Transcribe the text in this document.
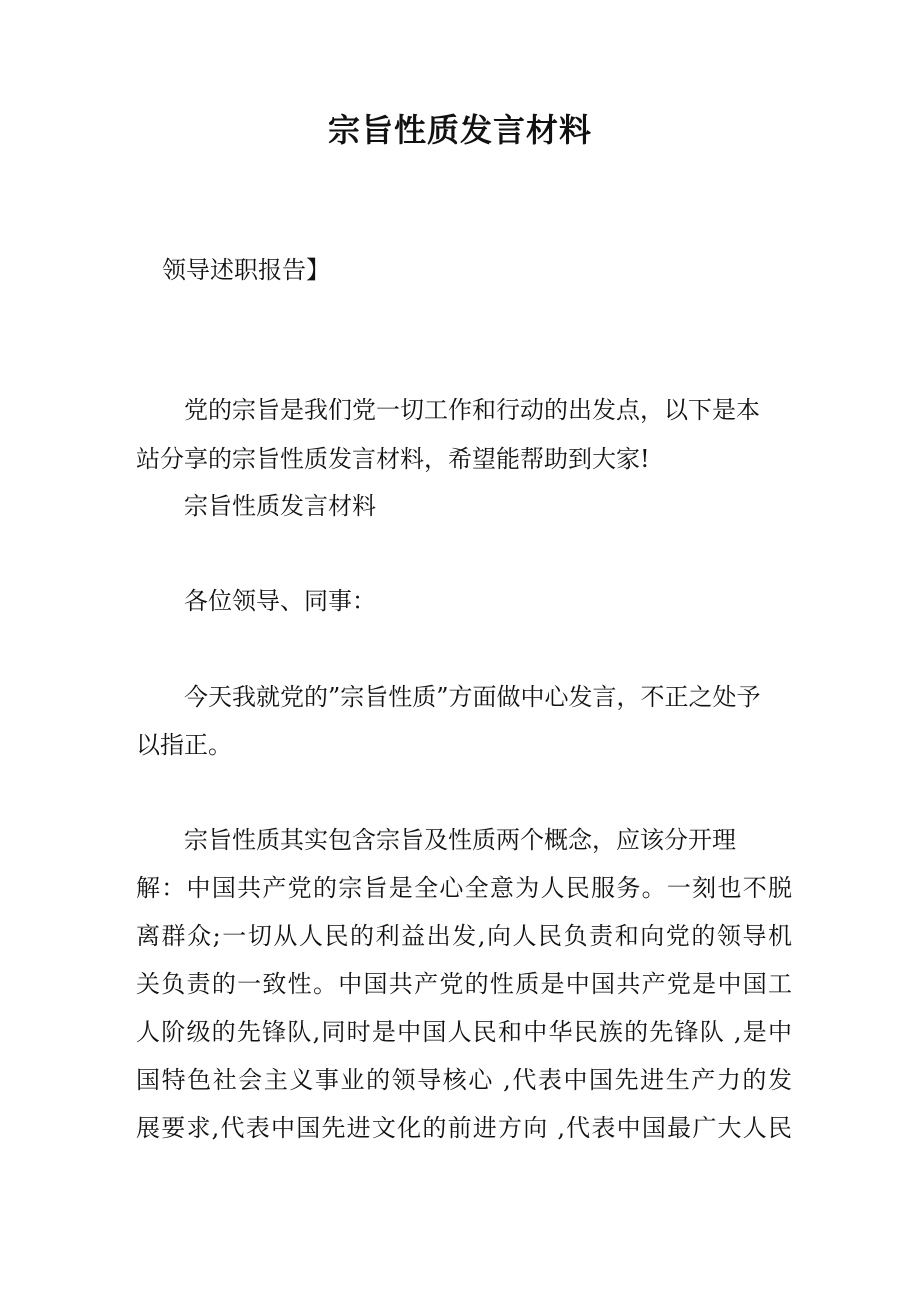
宗旨性质发言材料
领导述职报告】
党的宗旨是我们党一切工作和行动的出发点，以下是本
站分享的宗旨性质发言材料，希望能帮助到大家!
宗旨性质发言材料
各位领导、同事：
今天我就党的”宗旨性质”方面做中心发言，不正之处予
以指正。
宗旨性质其实包含宗旨及性质两个概念，应该分开理
解：中国共产党的宗旨是全心全意为人民服务。一刻也不脱
离群众;一切从人民的利益出发,向人民负责和向党的领导机
关负责的一致性。中国共产党的性质是中国共产党是中国工
人阶级的先锋队,同时是中国人民和中华民族的先锋队 ,是中
国特色社会主义事业的领导核心 ,代表中国先进生产力的发
展要求,代表中国先进文化的前进方向 ,代表中国最广大人民
